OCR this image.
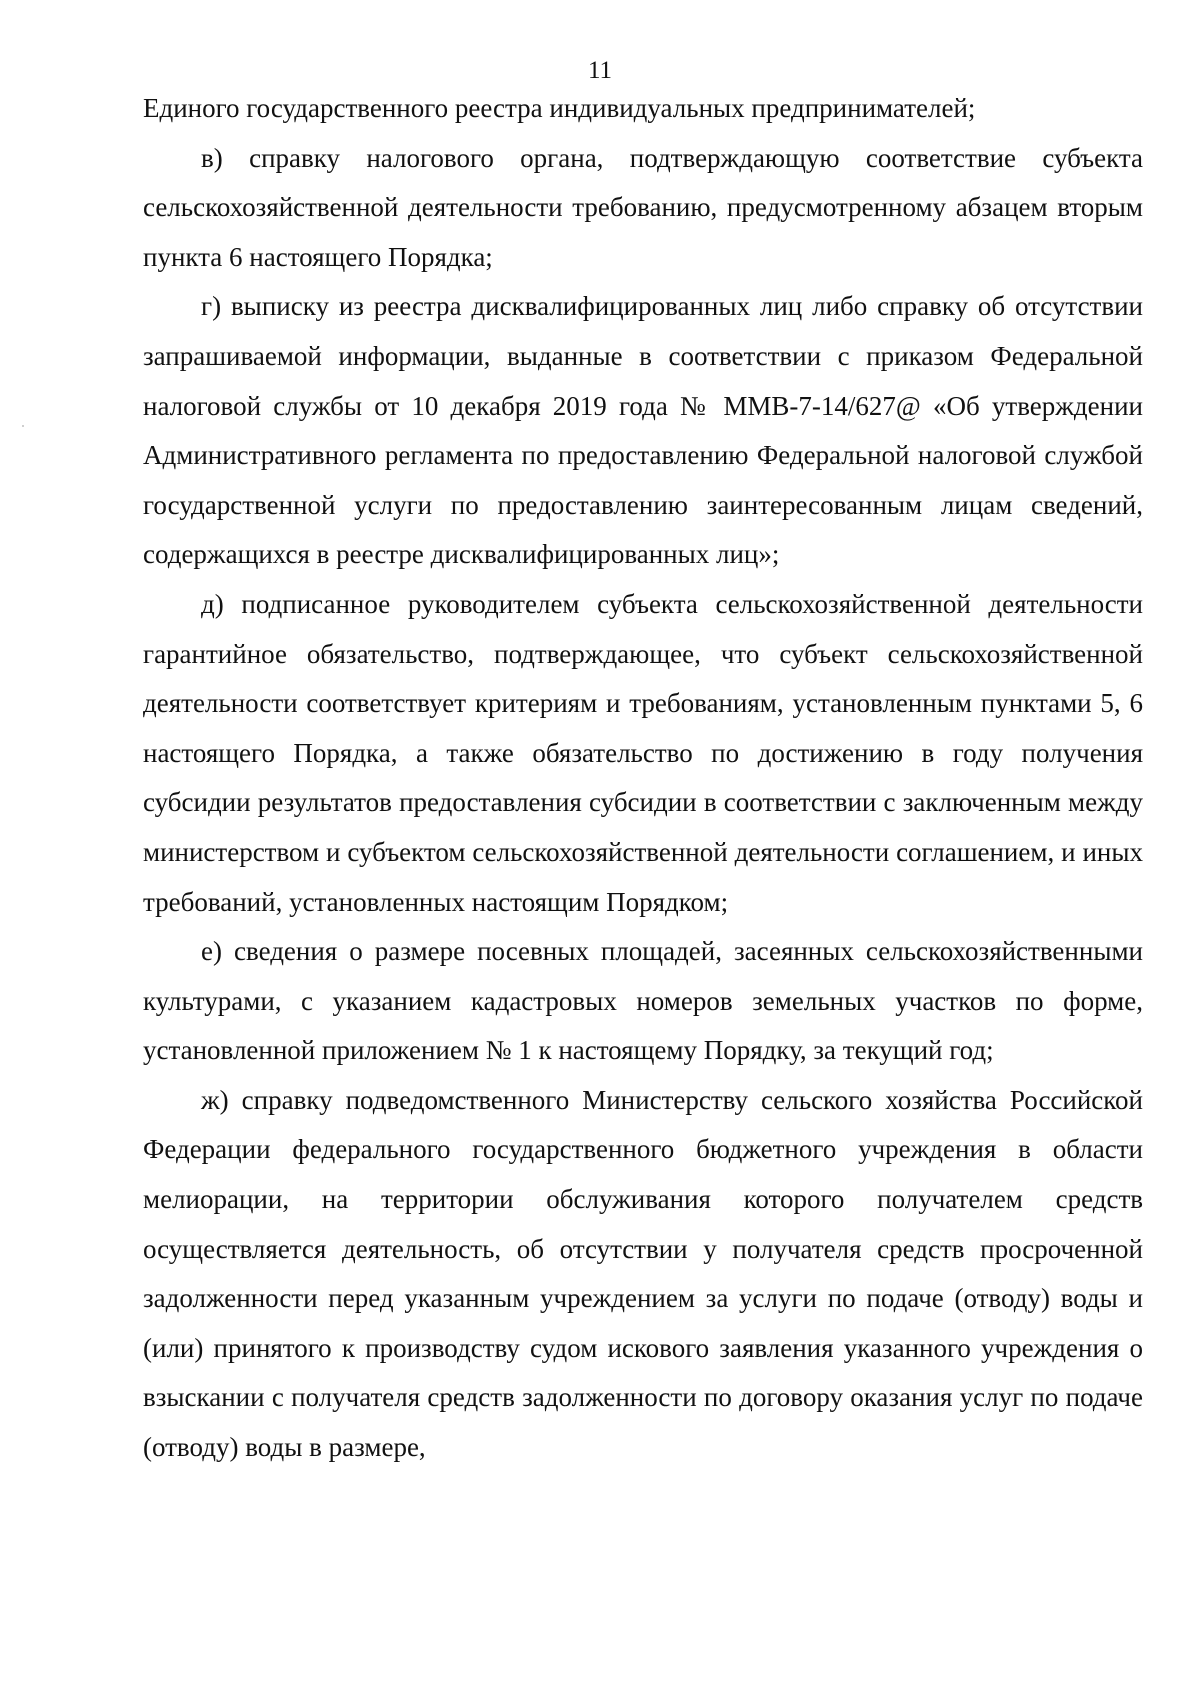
11

Единого государственного реестра индивидуальных предпринимателей;

в) справку налогового органа, подтверждающую соответствие субъекта сельскохозяйственной деятельности требованию, предусмотренному абзацем вторым пункта 6 настоящего Порядка;

г) выписку из реестра дисквалифицированных лиц либо справку об отсутствии запрашиваемой информации, выданные в соответствии с приказом Федеральной налоговой службы от 10 декабря 2019 года № ММВ-7-14/627@ «Об утверждении Административного регламента по предоставлению Федеральной налоговой службой государственной услуги по предоставлению заинтересованным лицам сведений, содержащихся в реестре дисквалифицированных лиц»;

д) подписанное руководителем субъекта сельскохозяйственной деятельности гарантийное обязательство, подтверждающее, что субъект сельскохозяйственной деятельности соответствует критериям и требованиям, установленным пунктами 5, 6 настоящего Порядка, а также обязательство по достижению в году получения субсидии результатов предоставления субсидии в соответствии с заключенным между министерством и субъектом сельскохозяйственной деятельности соглашением, и иных требований, установленных настоящим Порядком;

е) сведения о размере посевных площадей, засеянных сельскохозяйственными культурами, с указанием кадастровых номеров земельных участков по форме, установленной приложением № 1 к настоящему Порядку, за текущий год;

ж) справку подведомственного Министерству сельского хозяйства Российской Федерации федерального государственного бюджетного учреждения в области мелиорации, на территории обслуживания которого получателем средств осуществляется деятельность, об отсутствии у получателя средств просроченной задолженности перед указанным учреждением за услуги по подаче (отводу) воды и (или) принятого к производству судом искового заявления указанного учреждения о взыскании с получателя средств задолженности по договору оказания услуг по подаче (отводу) воды в размере,
